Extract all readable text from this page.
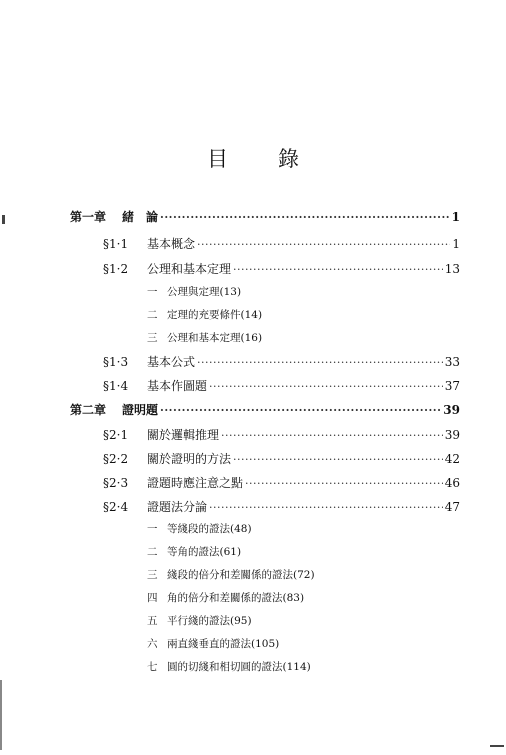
目 錄
第一章	緒　論 ·····	1
§1·1	基本概念 ·····	1
§1·2	公理和基本定理 ·····	13
一 公理與定理(13)
二 定理的充要條件(14)
三 公理和基本定理(16)
§1·3	基本公式 ·····	33
§1·4	基本作圖題 ·····	37
第二章	證明題 ·····	39
§2·1	關於邏輯推理 ·····	39
§2·2	關於證明的方法 ·····	42
§2·3	證題時應注意之點 ·····	46
§2·4	證題法分論 ·····	47
一 等綫段的證法(48)
二 等角的證法(61)
三 綫段的倍分和差關係的證法(72)
四 角的倍分和差關係的證法(83)
五 平行綫的證法(95)
六 兩直綫垂直的證法(105)
七 圓的切綫和相切圓的證法(114)
